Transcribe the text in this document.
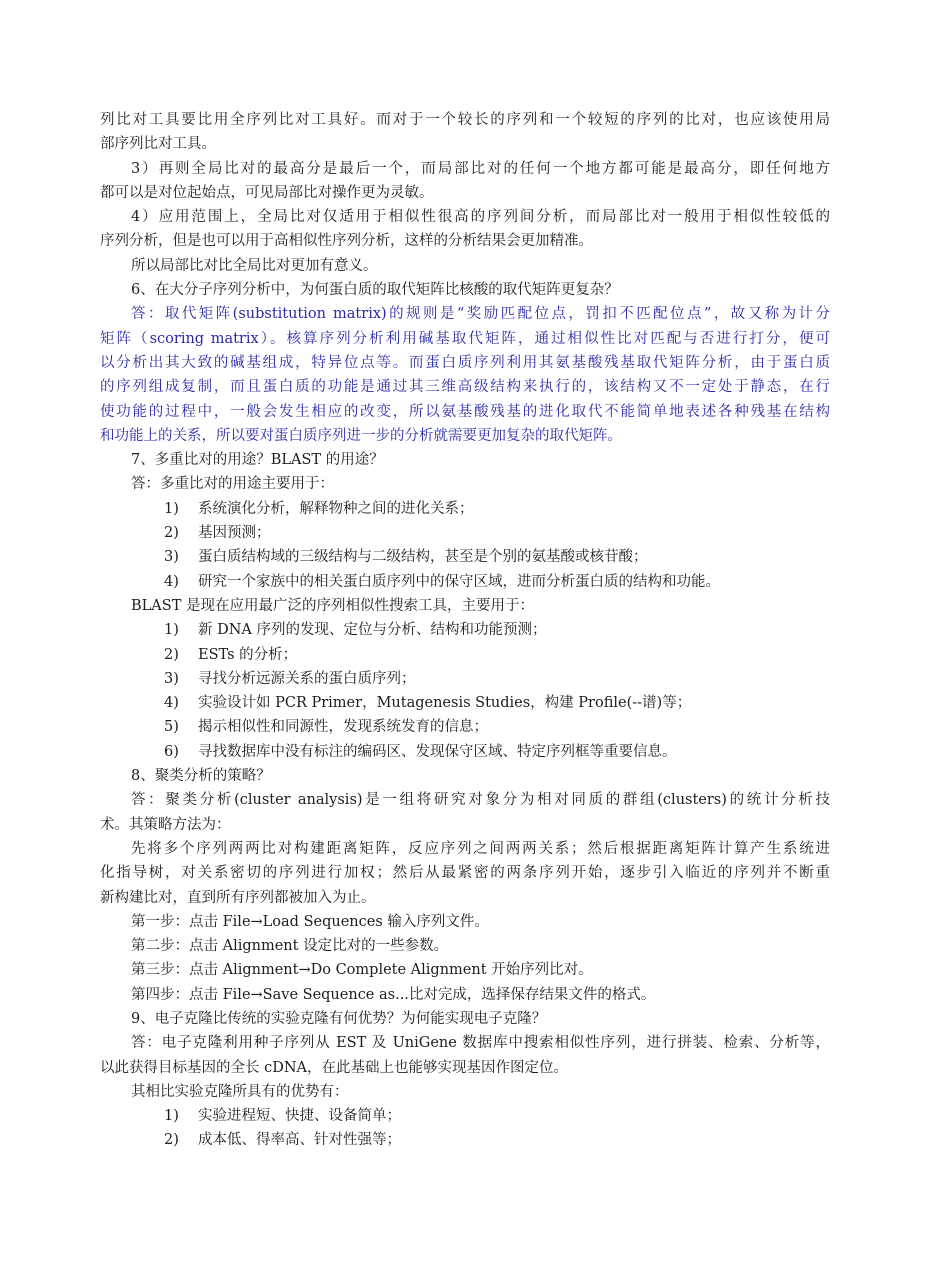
列比对工具要比用全序列比对工具好。而对于一个较长的序列和一个较短的序列的比对，也应该使用局
部序列比对工具。
3）再则全局比对的最高分是最后一个，而局部比对的任何一个地方都可能是最高分，即任何地方
都可以是对位起始点，可见局部比对操作更为灵敏。
4）应用范围上，全局比对仅适用于相似性很高的序列间分析，而局部比对一般用于相似性较低的
序列分析，但是也可以用于高相似性序列分析，这样的分析结果会更加精准。
所以局部比对比全局比对更加有意义。
6、在大分子序列分析中，为何蛋白质的取代矩阵比核酸的取代矩阵更复杂？
答：取代矩阵(substitution matrix)的规则是“奖励匹配位点，罚扣不匹配位点”，故又称为计分
矩阵（scoring matrix）。核算序列分析利用碱基取代矩阵，通过相似性比对匹配与否进行打分，便可
以分析出其大致的碱基组成，特异位点等。而蛋白质序列利用其氨基酸残基取代矩阵分析，由于蛋白质
的序列组成复制，而且蛋白质的功能是通过其三维高级结构来执行的，该结构又不一定处于静态，在行
使功能的过程中，一般会发生相应的改变，所以氨基酸残基的进化取代不能简单地表述各种残基在结构
和功能上的关系，所以要对蛋白质序列进一步的分析就需要更加复杂的取代矩阵。
7、多重比对的用途？BLAST 的用途？
答：多重比对的用途主要用于：
1) 系统演化分析，解释物种之间的进化关系；
2) 基因预测；
3) 蛋白质结构域的三级结构与二级结构，甚至是个别的氨基酸或核苷酸；
4) 研究一个家族中的相关蛋白质序列中的保守区域，进而分析蛋白质的结构和功能。
BLAST 是现在应用最广泛的序列相似性搜索工具，主要用于：
1) 新 DNA 序列的发现、定位与分析、结构和功能预测；
2) ESTs 的分析；
3) 寻找分析远源关系的蛋白质序列；
4) 实验设计如 PCR Primer，Mutagenesis Studies，构建 Profile(--谱)等；
5) 揭示相似性和同源性，发现系统发育的信息；
6) 寻找数据库中没有标注的编码区、发现保守区域、特定序列框等重要信息。
8、聚类分析的策略？
答：聚类分析(cluster analysis)是一组将研究对象分为相对同质的群组(clusters)的统计分析技
术。其策略方法为：
先将多个序列两两比对构建距离矩阵，反应序列之间两两关系；然后根据距离矩阵计算产生系统进
化指导树，对关系密切的序列进行加权；然后从最紧密的两条序列开始，逐步引入临近的序列并不断重
新构建比对，直到所有序列都被加入为止。
第一步：点击 File→Load Sequences 输入序列文件。
第二步：点击 Alignment 设定比对的一些参数。
第三步：点击 Alignment→Do Complete Alignment 开始序列比对。
第四步：点击 File→Save Sequence as...比对完成，选择保存结果文件的格式。
9、电子克隆比传统的实验克隆有何优势？为何能实现电子克隆？
答：电子克隆利用种子序列从 EST 及 UniGene 数据库中搜索相似性序列，进行拼装、检索、分析等，
以此获得目标基因的全长 cDNA，在此基础上也能够实现基因作图定位。
其相比实验克隆所具有的优势有：
1) 实验进程短、快捷、设备简单；
2) 成本低、得率高、针对性强等；
